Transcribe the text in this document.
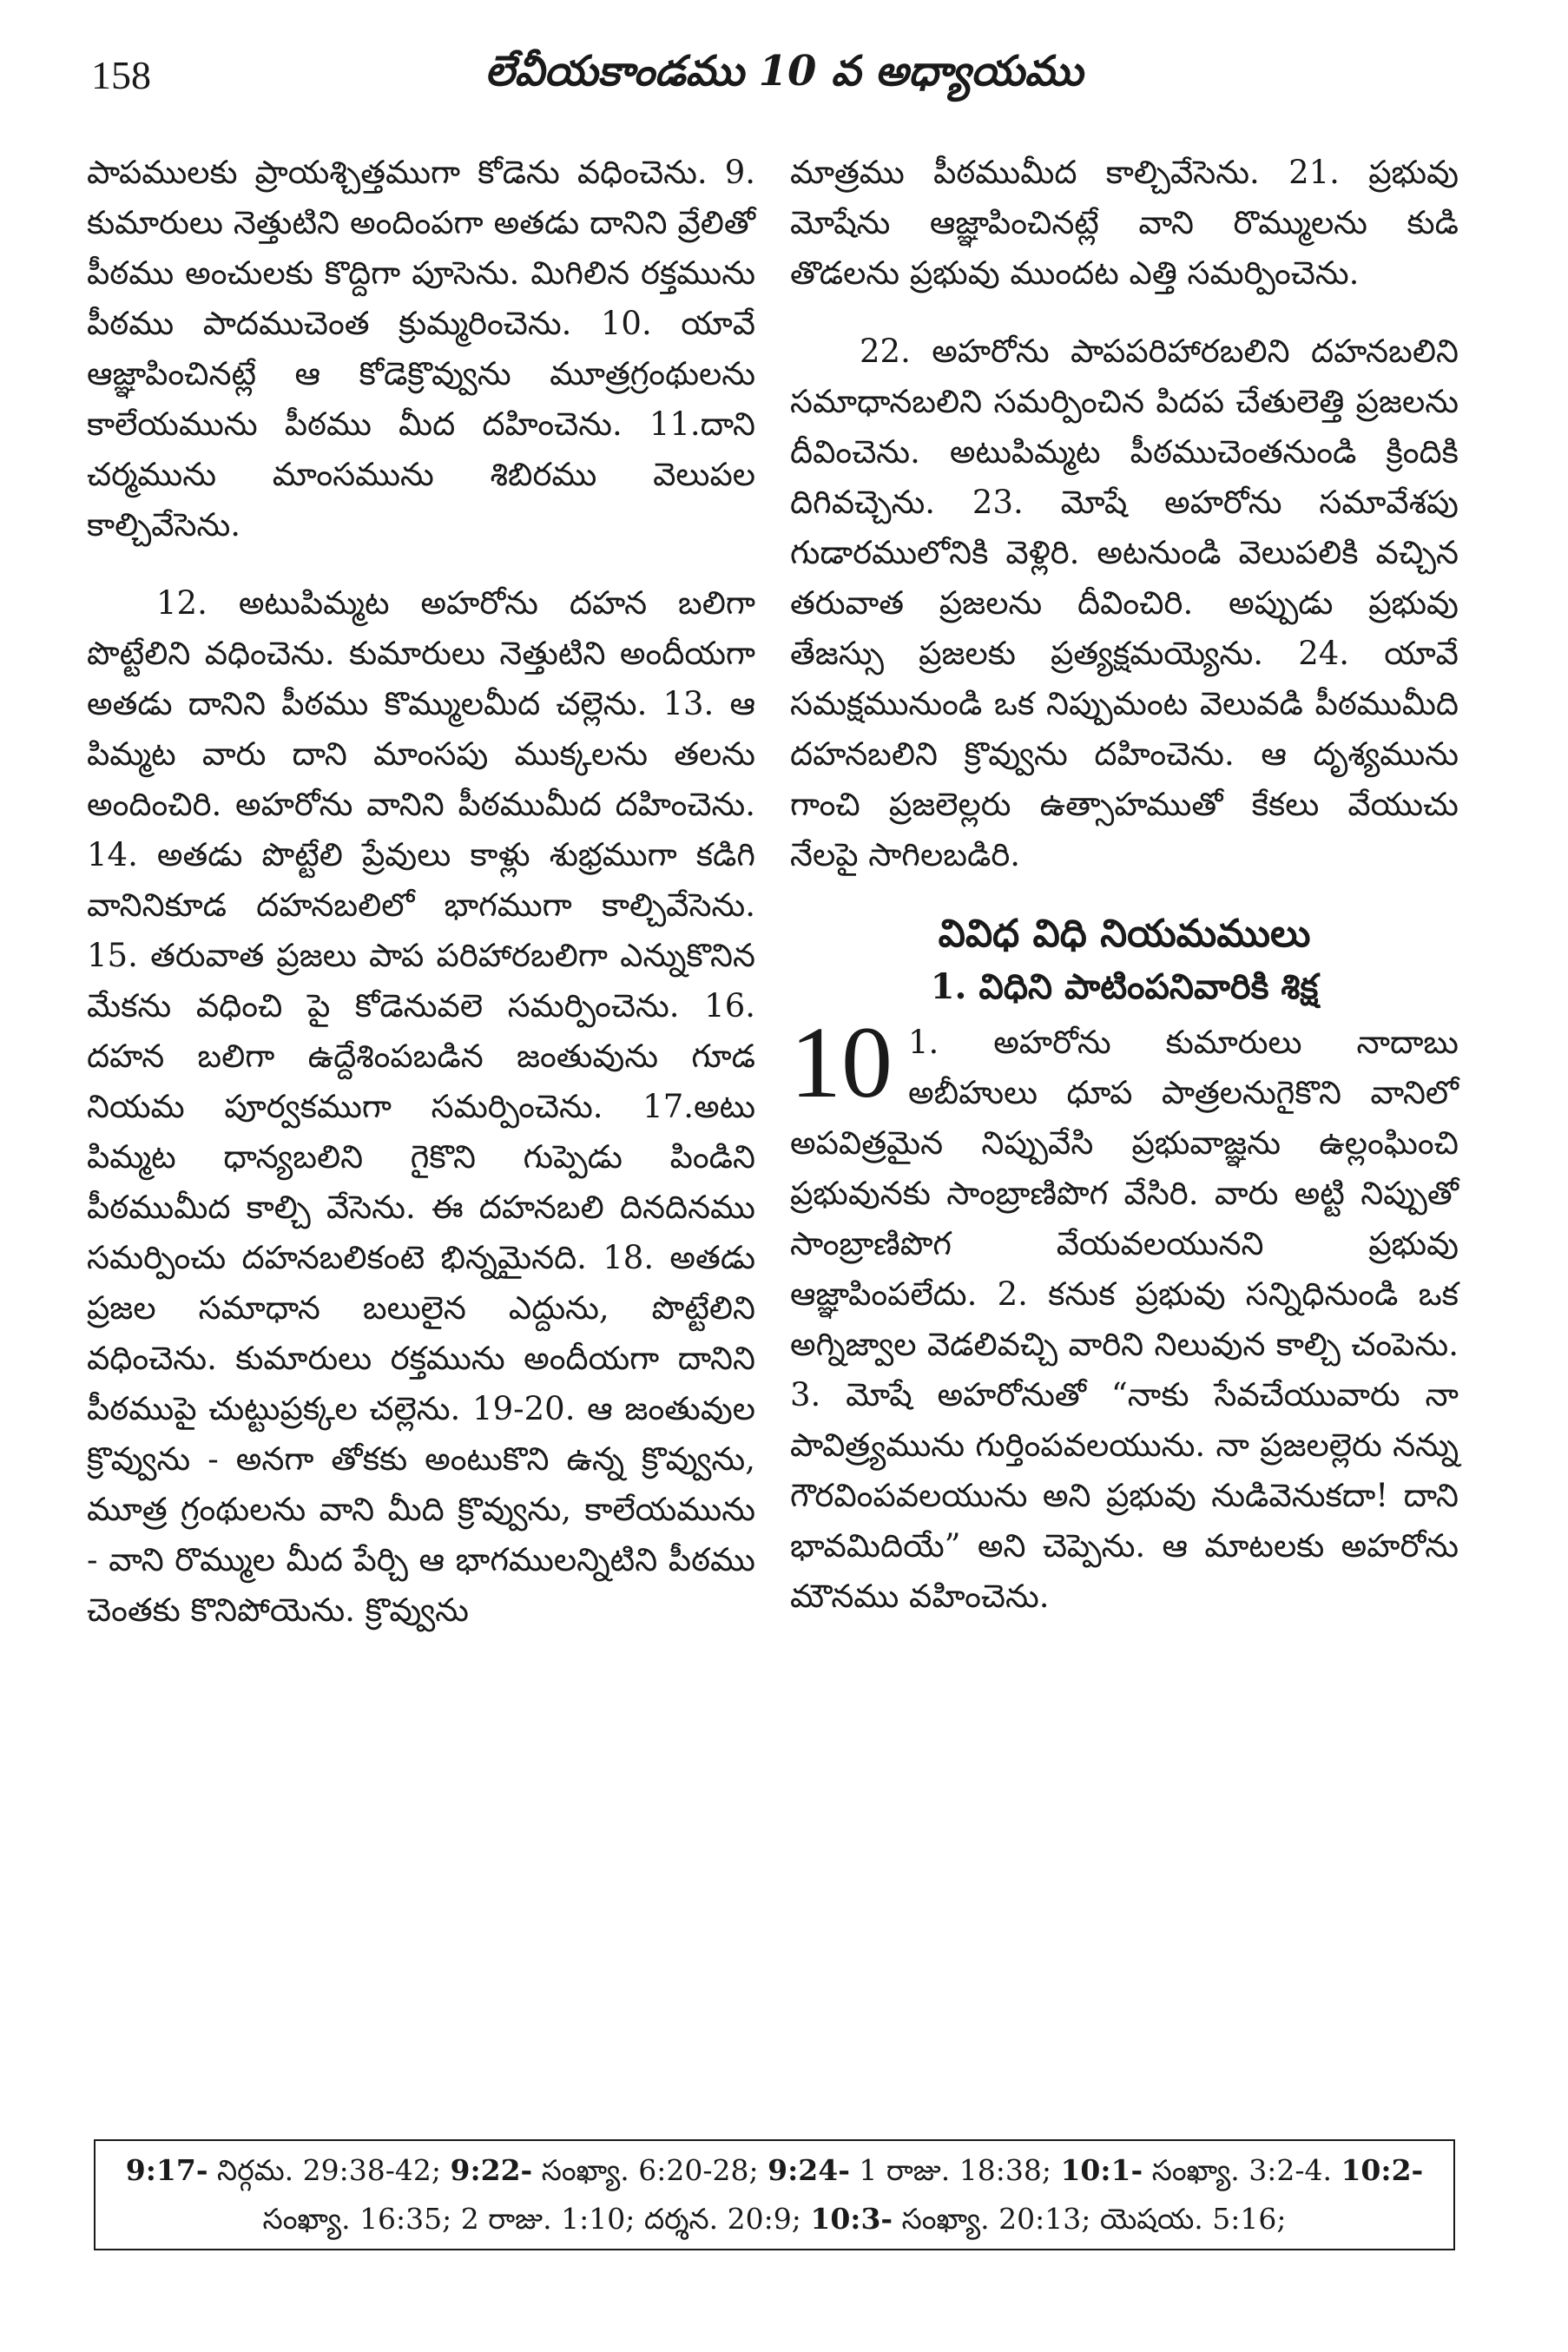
158	లేవీయకాండము 10 వ అధ్యాయము

పాపములకు ప్రాయశ్చిత్తముగా కోడెను వధించెను. 9. కుమారులు నెత్తుటిని అందింపగా అతడు దానిని వ్రేలితో పీఠము అంచులకు కొద్దిగా పూసెను. మిగిలిన రక్తమును పీఠము పాదముచెంత క్రుమ్మరించెను. 10. యావే ఆజ్ఞాపించినట్లే ఆ కోడెక్రొవ్వును మూత్రగ్రంథులను కాలేయమును పీఠము మీద దహించెను. 11.దాని చర్మమును మాంసమును శిబిరము వెలుపల కాల్చివేసెను.

12. అటుపిమ్మట అహరోను దహన బలిగా పొట్టేలిని వధించెను. కుమారులు నెత్తుటిని అందీయగా అతడు దానిని పీఠము కొమ్ములమీద చల్లెను. 13. ఆ పిమ్మట వారు దాని మాంసపు ముక్కలను తలను అందించిరి. అహరోను వానిని పీఠముమీద దహించెను. 14. అతడు పొట్టేలి ప్రేవులు కాళ్లు శుభ్రముగా కడిగి వానినికూడ దహనబలిలో భాగముగా కాల్చివేసెను. 15. తరువాత ప్రజలు పాప పరిహారబలిగా ఎన్నుకొనిన మేకను వధించి పై కోడెనువలె సమర్పించెను. 16. దహన బలిగా ఉద్దేశింపబడిన జంతువును గూడ నియమ పూర్వకముగా సమర్పించెను. 17.అటు పిమ్మట ధాన్యబలిని గైకొని గుప్పెడు పిండిని పీఠముమీద కాల్చి వేసెను. ఈ దహనబలి దినదినము సమర్పించు దహనబలికంటె భిన్నమైనది. 18. అతడు ప్రజల సమాధాన బలులైన ఎద్దును, పొట్టేలిని వధించెను. కుమారులు రక్తమును అందీయగా దానిని పీఠముపై చుట్టుప్రక్కల చల్లెను. 19-20. ఆ జంతువుల క్రొవ్వును - అనగా తోకకు అంటుకొని ఉన్న క్రొవ్వును, మూత్ర గ్రంథులను వాని మీది క్రొవ్వును, కాలేయమును - వాని రొమ్ముల మీద పేర్చి ఆ భాగములన్నిటిని పీఠము చెంతకు కొనిపోయెను. క్రొవ్వును

మాత్రము పీఠముమీద కాల్చివేసెను. 21. ప్రభువు మోషేను ఆజ్ఞాపించినట్లే వాని రొమ్ములను కుడి తొడలను ప్రభువు ముందట ఎత్తి సమర్పించెను.

22. అహరోను పాపపరిహారబలిని దహనబలిని సమాధానబలిని సమర్పించిన పిదప చేతులెత్తి ప్రజలను దీవించెను. అటుపిమ్మట పీఠముచెంతనుండి క్రిందికి దిగివచ్చెను. 23. మోషే అహరోను సమావేశపు గుడారములోనికి వెళ్లిరి. అటనుండి వెలుపలికి వచ్చిన తరువాత ప్రజలను దీవించిరి. అప్పుడు ప్రభువు తేజస్సు ప్రజలకు ప్రత్యక్షమయ్యెను. 24. యావే సమక్షమునుండి ఒక నిప్పుమంట వెలువడి పీఠముమీది దహనబలిని క్రొవ్వును దహించెను. ఆ దృశ్యమును గాంచి ప్రజలెల్లరు ఉత్సాహముతో కేకలు వేయుచు నేలపై సాగిలబడిరి.

వివిధ విధి నియమములు
1. విధిని పాటింపనివారికి శిక్ష
10 1. అహరోను కుమారులు నాదాబు అబీహులు ధూప పాత్రలనుగైకొని వానిలో అపవిత్రమైన నిప్పువేసి ప్రభువాజ్ఞను ఉల్లంఘించి ప్రభువునకు సాంబ్రాణిపొగ వేసిరి. వారు అట్టి నిప్పుతో సాంబ్రాణిపొగ వేయవలయునని ప్రభువు ఆజ్ఞాపింపలేదు. 2. కనుక ప్రభువు సన్నిధినుండి ఒక అగ్నిజ్వాల వెడలివచ్చి వారిని నిలువున కాల్చి చంపెను. 3. మోషే అహరోనుతో “నాకు సేవచేయువారు నా పావిత్ర్యమును గుర్తింపవలయును. నా ప్రజలల్లెరు నన్ను గౌరవింపవలయును అని ప్రభువు నుడివెనుకదా! దాని భావమిదియే” అని చెప్పెను. ఆ మాటలకు అహరోను మౌనము వహించెను.

9:17- నిర్గమ. 29:38-42; 9:22- సంఖ్యా. 6:20-28; 9:24- 1 రాజు. 18:38; 10:1- సంఖ్యా. 3:2-4. 10:2- సంఖ్యా. 16:35; 2 రాజు. 1:10; దర్శన. 20:9; 10:3- సంఖ్యా. 20:13; యెషయ. 5:16;
